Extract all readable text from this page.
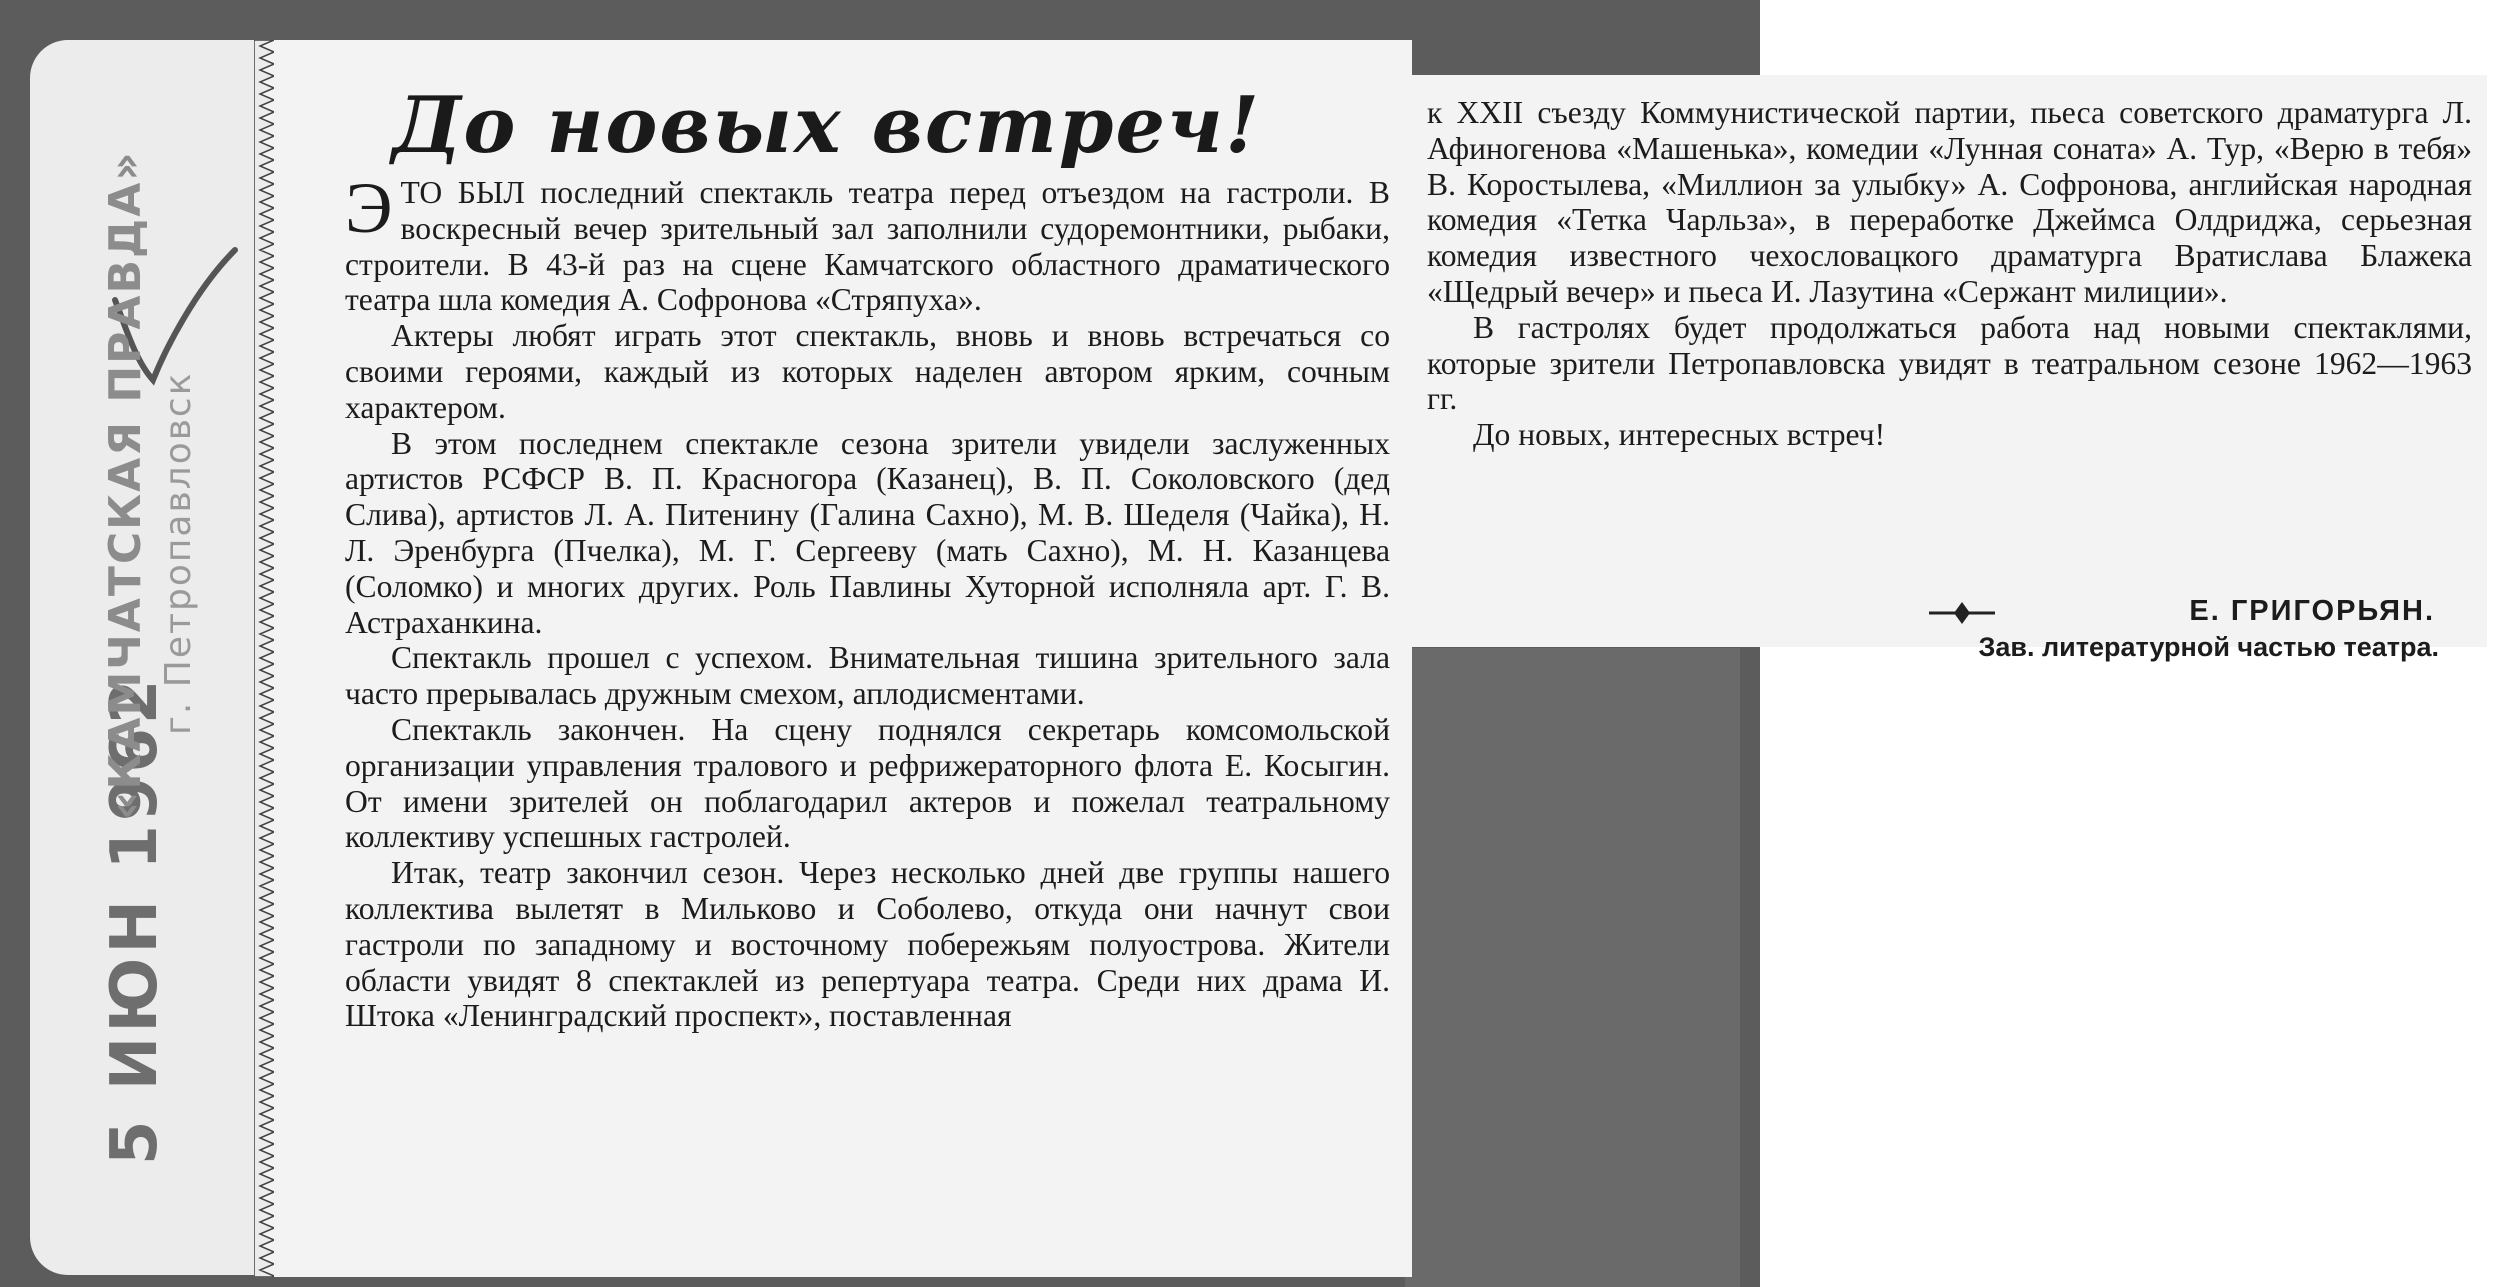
5 ИЮН 1962
«КАМЧАТСКАЯ ПРАВДА» г. Петропавловск
До новых встреч!

ЭТО БЫЛ последний спектакль театра перед отъездом на гастроли. В воскресный вечер зрительный зал заполнили судоремонтники, рыбаки, строители. В 43-й раз на сцене Камчатского областного драматического театра шла комедия А. Софронова «Стряпуха».

Актеры любят играть этот спектакль, вновь и вновь встречаться со своими героями, каждый из которых наделен автором ярким, сочным характером.

В этом последнем спектакле сезона зрители увидели заслуженных артистов РСФСР В. П. Красногора (Казанец), В. П. Соколовского (дед Слива), артистов Л. А. Питенину (Галина Сахно), М. В. Шеделя (Чайка), Н. Л. Эренбурга (Пчелка), М. Г. Сергееву (мать Сахно), М. Н. Казанцева (Соломко) и многих других. Роль Павлины Хуторной исполняла арт. Г. В. Астраханкина.

Спектакль прошел с успехом. Внимательная тишина зрительного зала часто прерывалась дружным смехом, аплодисментами.

Спектакль закончен. На сцену поднялся секретарь комсомольской организации управления тралового и рефрижераторного флота Е. Косыгин. От имени зрителей он поблагодарил актеров и пожелал театральному коллективу успешных гастролей.

Итак, театр закончил сезон. Через несколько дней две группы нашего коллектива вылетят в Мильково и Соболево, откуда они начнут свои гастроли по западному и восточному побережьям полуострова. Жители области увидят 8 спектаклей из репертуара театра. Среди них драма И. Штока «Ленинградский проспект», поставленная

Е. ГРИГОРЬЯН.
Зав. литературной частью театра.

к XXII съезду Коммунистической партии, пьеса советского драматурга Л. Афиногенова «Машенька», комедии «Лунная соната» А. Тур, «Верю в тебя» В. Коростылева, «Миллион за улыбку» А. Софронова, английская народная комедия «Тетка Чарльза», в переработке Джеймса Олдриджа, серьезная комедия известного чехословацкого драматурга Вратислава Блажека «Щедрый вечер» и пьеса И. Лазутина «Сержант милиции».

В гастролях будет продолжаться работа над новыми спектаклями, которые зрители Петропавловска увидят в театральном сезоне 1962—1963 гг.

До новых, интересных встреч!
